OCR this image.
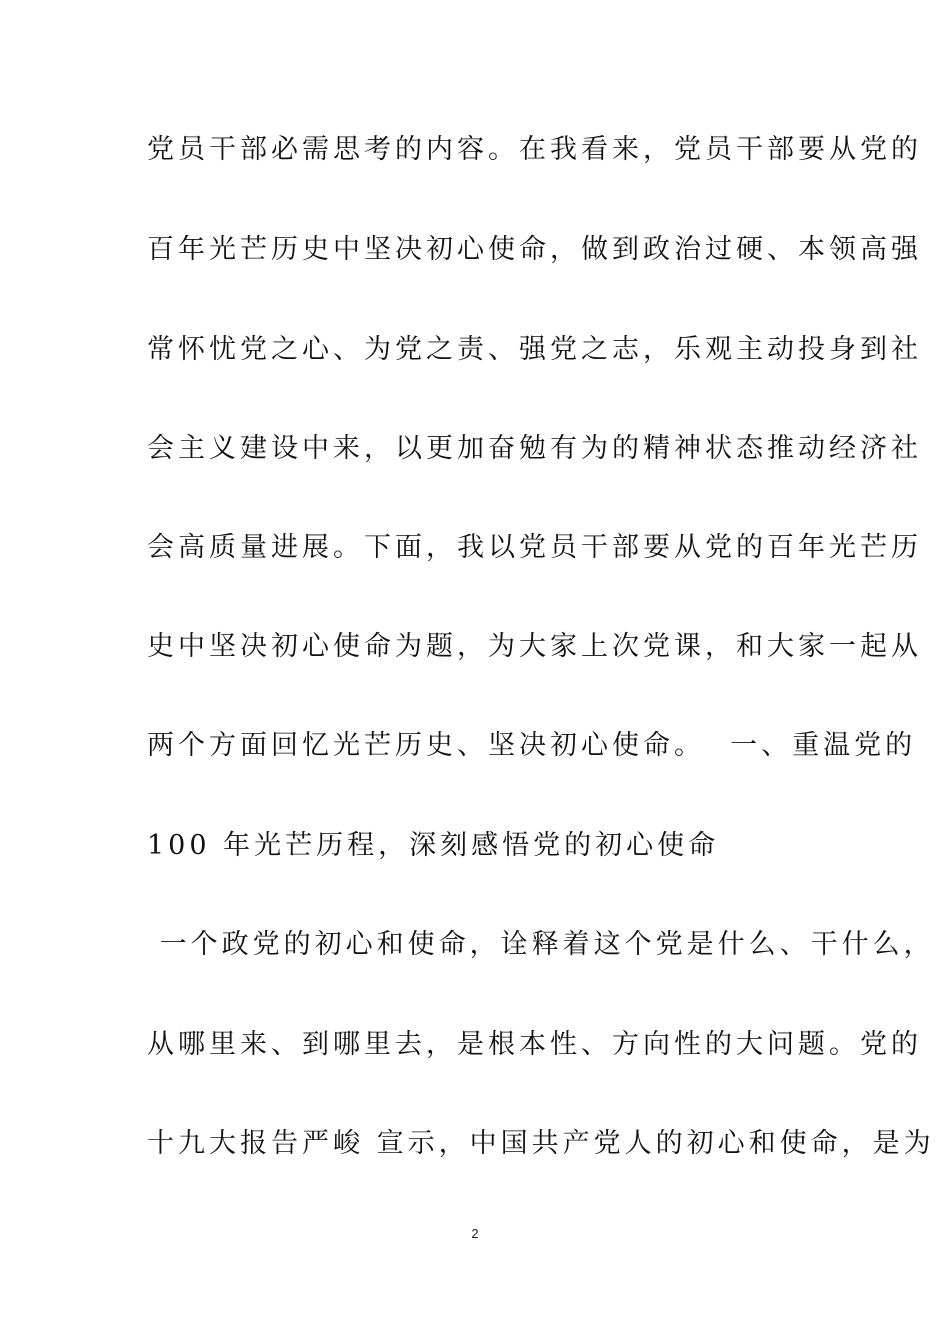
党员干部必需思考的内容。在我看来，党员干部要从党的
百年光芒历史中坚决初心使命，做到政治过硬、本领高强
常怀忧党之心、为党之责、强党之志，乐观主动投身到社
会主义建设中来，以更加奋勉有为的精神状态推动经济社
会高质量进展。下面，我以党员干部要从党的百年光芒历
史中坚决初心使命为题，为大家上次党课，和大家一起从
两个方面回忆光芒历史、坚决初心使命。  一、重温党的
100 年光芒历程，深刻感悟党的初心使命
一个政党的初心和使命，诠释着这个党是什么、干什么，
从哪里来、到哪里去，是根本性、方向性的大问题。党的
十九大报告严峻 宣示，中国共产党人的初心和使命，是为
2
